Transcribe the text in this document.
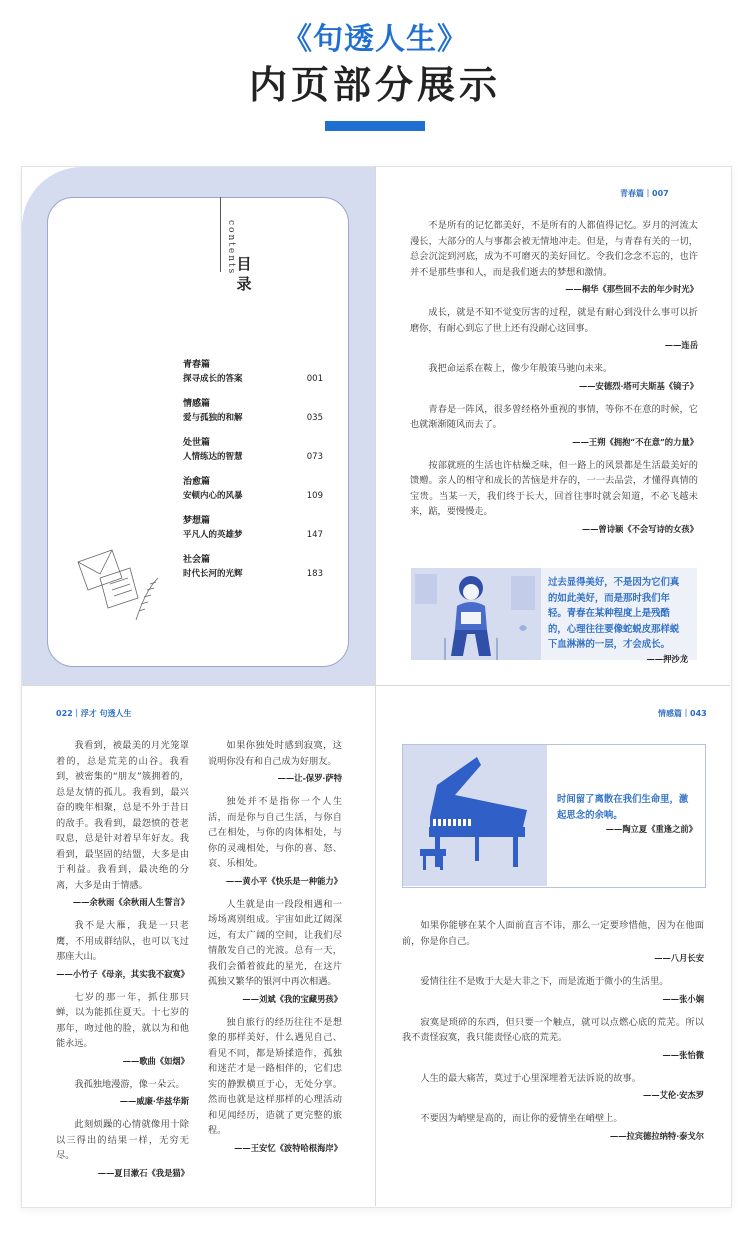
《句透人生》
内页部分展示
contents 目
录
青春篇
探寻成长的答案	001
情感篇
爱与孤独的和解	035
处世篇
人情练达的智慧	073
治愈篇
安顿内心的风暴	109
梦想篇
平凡人的英雄梦	147
社会篇
时代长河的光辉	183
青春篇｜007

不是所有的记忆都美好，不是所有的人都值得记忆。岁月的河流太漫长，大部分的人与事都会被无情地冲走。但是，与青春有关的一切，总会沉淀到河底，成为不可磨灭的美好回忆。令我们念念不忘的，也许并不是那些事和人，而是我们逝去的梦想和激情。

——桐华《那些回不去的年少时光》

成长，就是不知不觉变厉害的过程，就是有耐心到没什么事可以折磨你，有耐心到忘了世上还有没耐心这回事。

——连岳

我把命运系在鞍上，像少年般策马驰向未来。

——安德烈·塔可夫斯基《镜子》

青春是一阵风，很多曾经格外重视的事情，等你不在意的时候，它也就渐渐随风而去了。

——王朔《拥抱“不在意”的力量》

按部就班的生活也许枯燥乏味，但一路上的风景都是生活最美好的馈赠。亲人的相守和成长的苦恼是并存的，一一去品尝，才懂得真情的宝贵。当某一天，我们终于长大，回首往事时就会知道，不必飞越未来，踮，要慢慢走。

——曾诗颖《不会写诗的女孩》
过去显得美好，不是因为它们真的如此美好，而是那时我们年轻。青春在某种程度上是残酷的，心理往往要像蛇蜕皮那样蜕下血淋淋的一层，才会成长。
——押沙龙
022｜浮才 句透人生

我看到，被最美的月光笼罩着的，总是荒芜的山谷。我看到，被密集的“朋友”簇拥着的，总是友情的孤儿。我看到，最兴奋的晚年相聚，总是不外于昔日的敌手。我看到，最怨愤的苍老叹息，总是针对着早年好友。我看到，最坚固的结盟，大多是由于利益。我看到，最决绝的分离，大多是由于情感。

——余秋雨《余秋雨人生誓言》

我不是大雁，我是一只老鹰，不用成群结队，也可以飞过那座大山。

——小竹子《母亲，其实我不寂寞》

七岁的那一年，抓住那只蝉，以为能抓住夏天。十七岁的那年，吻过他的脸，就以为和他能永远。

——歌曲《如烟》

我孤独地漫游，像一朵云。

——威廉·华兹华斯

此刻烦躁的心情就像用十除以三得出的结果一样，无穷无尽。

——夏目漱石《我是猫》

如果你独处时感到寂寞，这说明你没有和自己成为好朋友。

——让-保罗·萨特

独处并不是指你一个人生活，而是你与自己生活，与你自己在相处，与你的肉体相处，与你的灵魂相处，与你的喜、怒、哀、乐相处。

——黄小平《快乐是一种能力》

人生就是由一段段相遇和一场场离别组成。宇宙如此辽阔深远，有太广阔的空间，让我们尽情散发自己的光波。总有一天，我们会循着彼此的星光，在这片孤独又繁华的银河中再次相遇。

——刘斌《我的宝藏男孩》

独自旅行的经历往往不是想象的那样美好，什么遇见自己、看见不同，都是矫揉造作，孤独和迷茫才是一路相伴的，它们忠实的静默横亘于心，无处分享。然而也就是这样那样的心理活动和见闻经历，造就了更完整的旅程。

——王安忆《波特哈根海岸》
情感篇｜043
时间留了离散在我们生命里，激起思念的余响。
——陶立夏《重逢之前》

如果你能够在某个人面前直言不讳，那么一定要珍惜他，因为在他面前，你是你自己。

——八月长安

爱情往往不是败于大是大非之下，而是流逝于微小的生活里。

——张小娴

寂寞是琐碎的东西，但只要一个触点，就可以点燃心底的荒芜。所以我不责怪寂寞，我只能责怪心底的荒芜。

——张怡微

人生的最大痛苦，莫过于心里深埋着无法诉说的故事。

——艾伦·安杰罗

不要因为峭壁是高的，而让你的爱情坐在峭壁上。

——拉宾德拉纳特·泰戈尔
